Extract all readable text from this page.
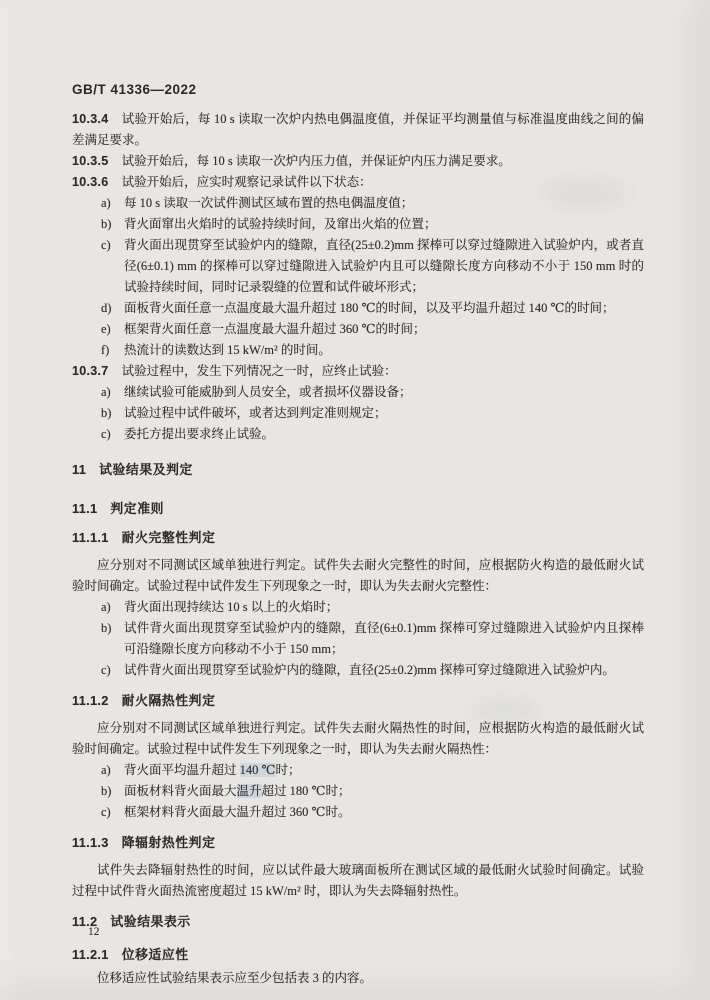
GB/T 41336—2022

10.3.4 试验开始后，每 10 s 读取一次炉内热电偶温度值，并保证平均测量值与标准温度曲线之间的偏差满足要求。

10.3.5 试验开始后，每 10 s 读取一次炉内压力值，并保证炉内压力满足要求。

10.3.6 试验开始后，应实时观察记录试件以下状态：

a) 每 10 s 读取一次试件测试区域布置的热电偶温度值；
b) 背火面窜出火焰时的试验持续时间，及窜出火焰的位置；
c) 背火面出现贯穿至试验炉内的缝隙，直径(25±0.2)mm 探棒可以穿过缝隙进入试验炉内，或者直径(6±0.1) mm 的探棒可以穿过缝隙进入试验炉内且可以缝隙长度方向移动不小于 150 mm 时的试验持续时间，同时记录裂缝的位置和试件破坏形式；
d) 面板背火面任意一点温度最大温升超过 180 ℃的时间，以及平均温升超过 140 ℃的时间；
e) 框架背火面任意一点温度最大温升超过 360 ℃的时间；
f) 热流计的读数达到 15 kW/m² 的时间。

10.3.7 试验过程中，发生下列情况之一时，应终止试验：

a) 继续试验可能威胁到人员安全，或者损坏仪器设备；
b) 试验过程中试件破坏，或者达到判定准则规定；
c) 委托方提出要求终止试验。
11 试验结果及判定
11.1 判定准则
11.1.1 耐火完整性判定

应分别对不同测试区域单独进行判定。试件失去耐火完整性的时间，应根据防火构造的最低耐火试验时间确定。试验过程中试件发生下列现象之一时，即认为失去耐火完整性：

a) 背火面出现持续达 10 s 以上的火焰时；
b) 试件背火面出现贯穿至试验炉内的缝隙，直径(6±0.1)mm 探棒可穿过缝隙进入试验炉内且探棒可沿缝隙长度方向移动不小于 150 mm；
c) 试件背火面出现贯穿至试验炉内的缝隙，直径(25±0.2)mm 探棒可穿过缝隙进入试验炉内。
11.1.2 耐火隔热性判定

应分别对不同测试区域单独进行判定。试件失去耐火隔热性的时间，应根据防火构造的最低耐火试验时间确定。试验过程中试件发生下列现象之一时，即认为失去耐火隔热性：

a) 背火面平均温升超过 140 ℃时；
b) 面板材料背火面最大温升超过 180 ℃时；
c) 框架材料背火面最大温升超过 360 ℃时。
11.1.3 降辐射热性判定

试件失去降辐射热性的时间，应以试件最大玻璃面板所在测试区域的最低耐火试验时间确定。试验过程中试件背火面热流密度超过 15 kW/m² 时，即认为失去降辐射热性。

11.2 试验结果表示
11.2.1 位移适应性

位移适应性试验结果表示应至少包括表 3 的内容。

12
